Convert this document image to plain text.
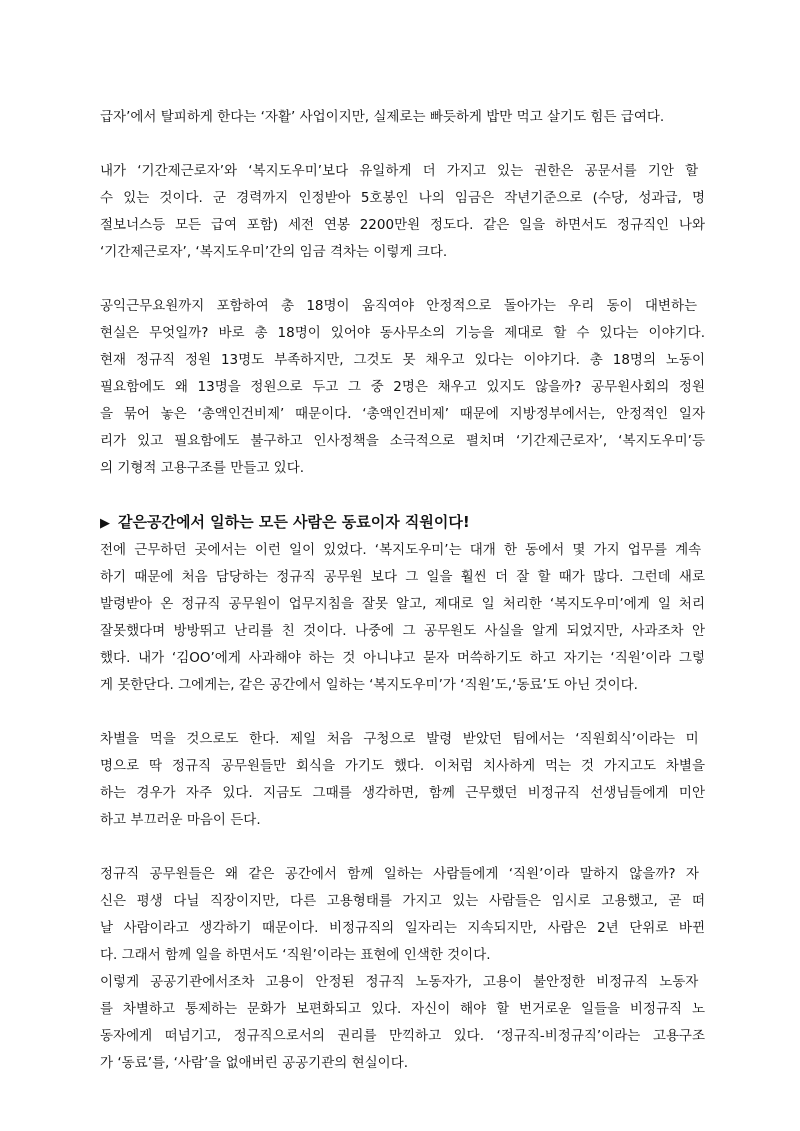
급자’에서 탈피하게 한다는 ‘자활’ 사업이지만, 실제로는 빠듯하게 밥만 먹고 살기도 힘든 급여다.

내가 ‘기간제근로자’와 ‘복지도우미’보다 유일하게 더 가지고 있는 권한은 공문서를 기안 할
수 있는 것이다. 군 경력까지 인정받아 5호봉인 나의 임금은 작년기준으로 (수당, 성과급, 명
절보너스등 모든 급여 포함) 세전 연봉 2200만원 정도다. 같은 일을 하면서도 정규직인 나와
‘기간제근로자’, ‘복지도우미’간의 임금 격차는 이렇게 크다.

공익근무요원까지 포함하여 총 18명이 움직여야 안정적으로 돌아가는 우리 동이 대변하는
현실은 무엇일까? 바로 총 18명이 있어야 동사무소의 기능을 제대로 할 수 있다는 이야기다.
현재 정규직 정원 13명도 부족하지만, 그것도 못 채우고 있다는 이야기다. 총 18명의 노동이
필요함에도 왜 13명을 정원으로 두고 그 중 2명은 채우고 있지도 않을까? 공무원사회의 정원
을 묶어 놓은 ‘총액인건비제’ 때문이다. ‘총액인건비제’ 때문에 지방정부에서는, 안정적인 일자
리가 있고 필요함에도 불구하고 인사정책을 소극적으로 펼치며 ‘기간제근로자’, ‘복지도우미’등
의 기형적 고용구조를 만들고 있다.

▶ 같은공간에서 일하는 모든 사람은 동료이자 직원이다!

전에 근무하던 곳에서는 이런 일이 있었다. ‘복지도우미’는 대개 한 동에서 몇 가지 업무를 계속
하기 때문에 처음 담당하는 정규직 공무원 보다 그 일을 훨씬 더 잘 할 때가 많다. 그런데 새로
발령받아 온 정규직 공무원이 업무지침을 잘못 알고, 제대로 일 처리한 ‘복지도우미’에게 일 처리
잘못했다며 방방뛰고 난리를 친 것이다. 나중에 그 공무원도 사실을 알게 되었지만, 사과조차 안
했다. 내가 ‘김OO’에게 사과해야 하는 것 아니냐고 묻자 머쓱하기도 하고 자기는 ‘직원’이라 그렇
게 못한단다. 그에게는, 같은 공간에서 일하는 ‘복지도우미’가 ‘직원’도,‘동료’도 아닌 것이다.

차별을 먹을 것으로도 한다. 제일 처음 구청으로 발령 받았던 팀에서는 ‘직원회식’이라는 미
명으로 딱 정규직 공무원들만 회식을 가기도 했다. 이처럼 치사하게 먹는 것 가지고도 차별을
하는 경우가 자주 있다. 지금도 그때를 생각하면, 함께 근무했던 비정규직 선생님들에게 미안
하고 부끄러운 마음이 든다.

정규직 공무원들은 왜 같은 공간에서 함께 일하는 사람들에게 ‘직원’이라 말하지 않을까? 자
신은 평생 다닐 직장이지만, 다른 고용형태를 가지고 있는 사람들은 임시로 고용했고, 곧 떠
날 사람이라고 생각하기 때문이다. 비정규직의 일자리는 지속되지만, 사람은 2년 단위로 바뀐
다. 그래서 함께 일을 하면서도 ‘직원’이라는 표현에 인색한 것이다.

이렇게 공공기관에서조차 고용이 안정된 정규직 노동자가, 고용이 불안정한 비정규직 노동자
를 차별하고 통제하는 문화가 보편화되고 있다. 자신이 해야 할 번거로운 일들을 비정규직 노
동자에게 떠넘기고, 정규직으로서의 권리를 만끽하고 있다. ‘정규직-비정규직’이라는 고용구조
가 ‘동료’를, ‘사람’을 없애버린 공공기관의 현실이다.
